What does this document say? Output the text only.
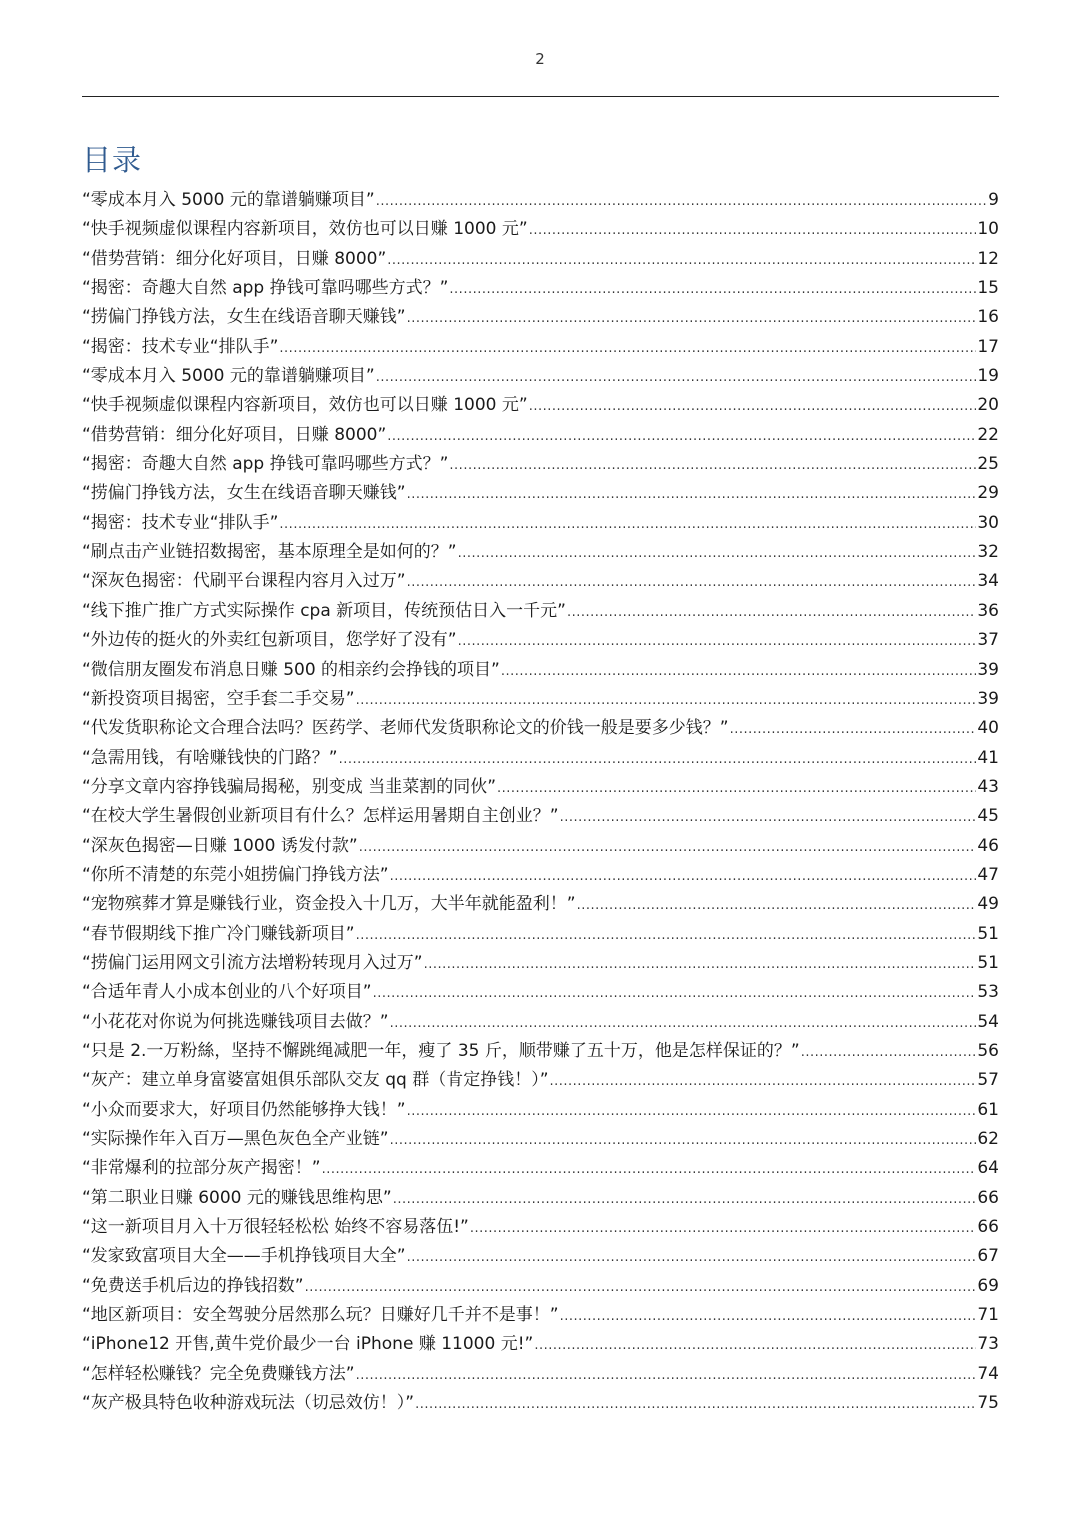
2
目录
“零成本月入 5000 元的靠谱躺赚项目” .....	9
“快手视频虚似课程内容新项目，效仿也可以日赚 1000 元” .....	10
“借势营销：细分化好项目，日赚 8000” .....	12
“揭密：奇趣大自然 app 挣钱可靠吗哪些方式？” .....	15
“捞偏门挣钱方法，女生在线语音聊天赚钱” .....	16
“揭密：技术专业“排队手” .....	17
“零成本月入 5000 元的靠谱躺赚项目” .....	19
“快手视频虚似课程内容新项目，效仿也可以日赚 1000 元” .....	20
“借势营销：细分化好项目，日赚 8000” .....	22
“揭密：奇趣大自然 app 挣钱可靠吗哪些方式？” .....	25
“捞偏门挣钱方法，女生在线语音聊天赚钱” .....	29
“揭密：技术专业“排队手” .....	30
“刷点击产业链招数揭密，基本原理全是如何的？” .....	32
“深灰色揭密：代刷平台课程内容月入过万” .....	34
“线下推广推广方式实际操作 cpa 新项目，传统预估日入一千元” .....	36
“外边传的挺火的外卖红包新项目，您学好了没有” .....	37
“微信朋友圈发布消息日赚 500 的相亲约会挣钱的项目” .....	39
“新投资项目揭密，空手套二手交易” .....	39
“代发货职称论文合理合法吗？医药学、老师代发货职称论文的价钱一般是要多少钱？” .....	40
“急需用钱，有啥赚钱快的门路？” .....	41
“分享文章内容挣钱骗局揭秘，别变成 当韭菜割的同伙” .....	43
“在校大学生暑假创业新项目有什么？怎样运用暑期自主创业？” .....	45
“深灰色揭密—日赚 1000 诱发付款” .....	46
“你所不清楚的东莞小姐捞偏门挣钱方法” .....	47
“宠物殡葬才算是赚钱行业，资金投入十几万，大半年就能盈利！” .....	49
“春节假期线下推广冷门赚钱新项目” .....	51
“捞偏门运用网文引流方法增粉转现月入过万” .....	51
“合适年青人小成本创业的八个好项目” .....	53
“小花花对你说为何挑选赚钱项目去做？” .....	54
“只是 2.一万粉絲，坚持不懈跳绳减肥一年，瘦了 35 斤，顺带赚了五十万，他是怎样保证的？” .....	56
“灰产：建立单身富婆富姐俱乐部队交友 qq 群（肯定挣钱！）” .....	57
“小众而要求大，好项目仍然能够挣大钱！” .....	61
“实际操作年入百万—黑色灰色全产业链” .....	62
“非常爆利的拉部分灰产揭密！” .....	64
“第二职业日赚 6000 元的赚钱思维构思” .....	66
“这一新项目月入十万很轻轻松松 始终不容易落伍!” .....	66
“发家致富项目大全——手机挣钱项目大全” .....	67
“免费送手机后边的挣钱招数” .....	69
“地区新项目：安全驾驶分居然那么玩？日赚好几千并不是事！” .....	71
“iPhone12 开售,黄牛党价最少一台 iPhone 赚 11000 元!” .....	73
“怎样轻松赚钱？完全免费赚钱方法” .....	74
“灰产极具特色收种游戏玩法（切忌效仿！）” .....	75
